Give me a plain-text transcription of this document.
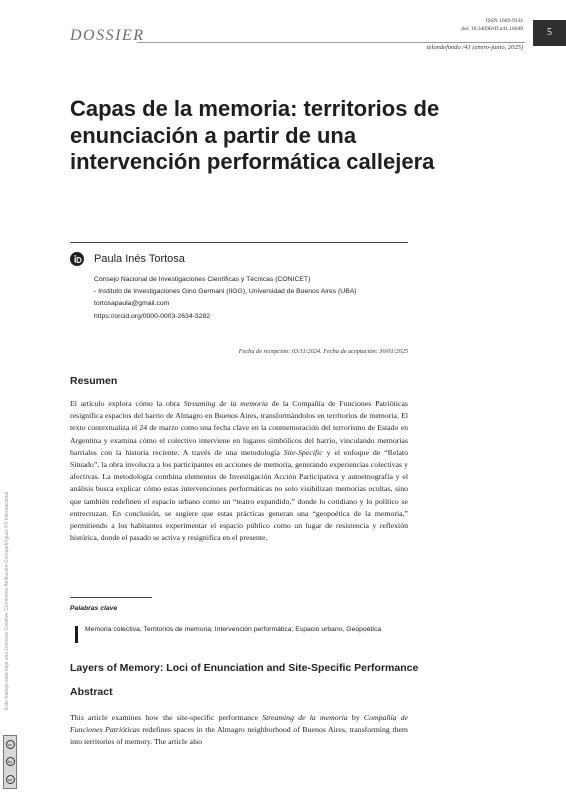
DOSSIER
ISSN 1669-933x
doi: 10.34096/tff.n41.16048
telondefondo /41 (enero-junio, 2025)
5
Capas de la memoria: territorios de enunciación a partir de una intervención performática callejera
Paula Inés Tortosa
Consejo Nacional de Investigaciones Científicas y Técnicas (CONICET)
- Instituto de Investigaciones Gino Germani (IIGG), Universidad de Buenos Aires (UBA)
tortosapaula@gmail.com
https://orcid.org/0000-0003-2634-3282
Fecha de recepción: 03/11/2024. Fecha de aceptación: 30/01/2025
Resumen

El artículo explora cómo la obra Streaming de la memoria de la Compañía de Funciones Patrióticas resignifica espacios del barrio de Almagro en Buenos Aires, transformándolos en territorios de memoria. El texto contextualiza el 24 de marzo como una fecha clave en la conmemoración del terrorismo de Estado en Argentina y examina cómo el colectivo interviene en lugares simbólicos del barrio, vinculando memorias barriales con la historia reciente. A través de una metodología Site-Specific y el enfoque de “Relato Situado”, la obra involucra a los participantes en acciones de memoria, generando experiencias colectivas y afectivas. La metodología combina elementos de Investigación Acción Participativa y autoetnografía y el análisis busca explicar cómo estas intervenciones performáticas no solo visibilizan memorias ocultas, sino que también redefinen el espacio urbano como un “teatro expandido,” donde lo cotidiano y lo político se entrecruzan. En conclusión, se sugiere que estas prácticas generan una “geopoética de la memoria,” permitiendo a los habitantes experimentar el espacio público como un lugar de resistencia y reflexión histórica, donde el pasado se activa y resignifica en el presente.

Palabras clave
Memoria colectiva; Territorios de memoria; Intervención performática; Espacio urbano, Geopoética
Layers of Memory: Loci of Enunciation and Site-Specific Performance
Abstract

This article examines how the site-specific performance Streaming de la memoria by Compañía de Funciones Patrióticas redefines spaces in the Almagro neighborhood of Buenos Aires, transforming them into territories of memory. The article also

Este trabajo está bajo una Licencia Creative Commons Atribución-CompartirIgual 4.0 Internacional
cc
by
sa
